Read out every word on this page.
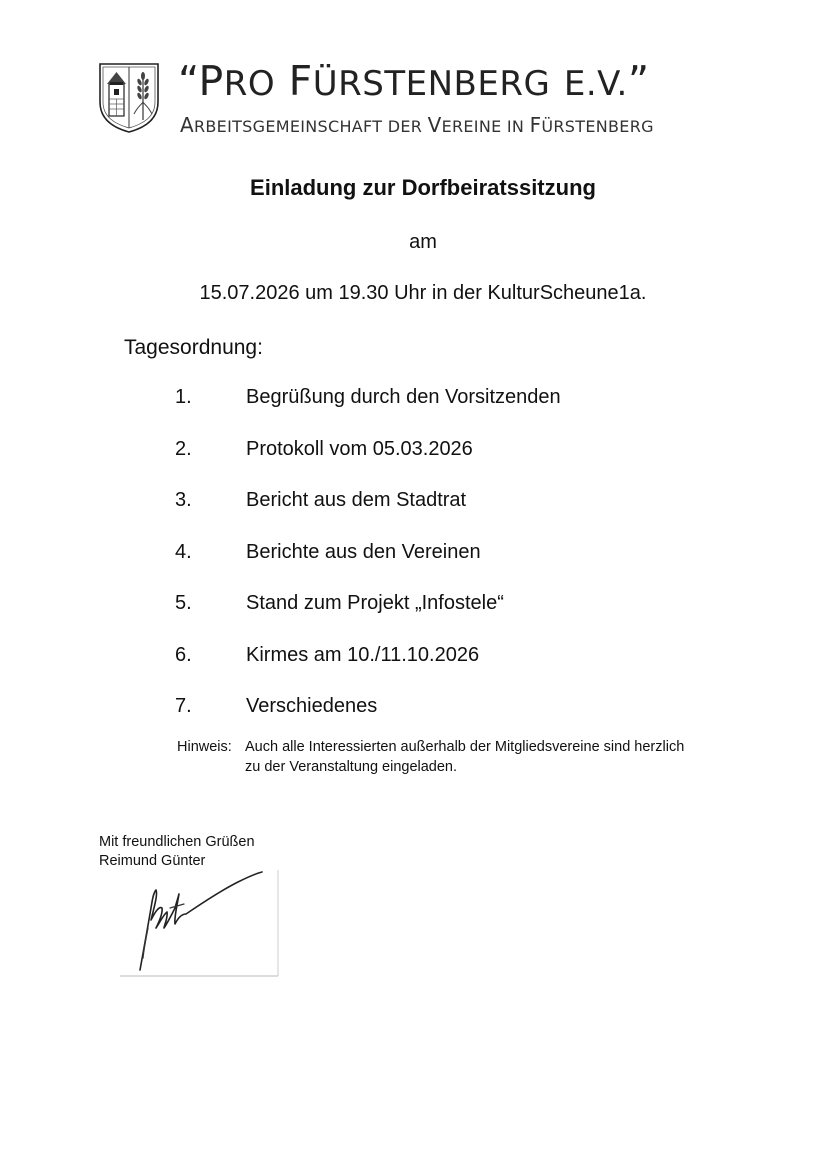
“PRO FÜRSTENBERG E.V.”
ARBEITSGEMEINSCHAFT DER VEREINE IN FÜRSTENBERG
Einladung zur Dorfbeiratssitzung
am
15.07.2026 um 19.30 Uhr in der KulturScheune1a.
Tagesordnung:
1.	Begrüßung durch den Vorsitzenden
2.	Protokoll vom 05.03.2026
3.	Bericht aus dem Stadtrat
4.	Berichte aus den Vereinen
5.	Stand zum Projekt „Infostele“
6.	Kirmes am 10./11.10.2026
7.	Verschiedenes
Hinweis: Auch alle Interessierten außerhalb der Mitgliedsvereine sind herzlich
zu der Veranstaltung eingeladen.
Mit freundlichen Grüßen
Reimund Günter
